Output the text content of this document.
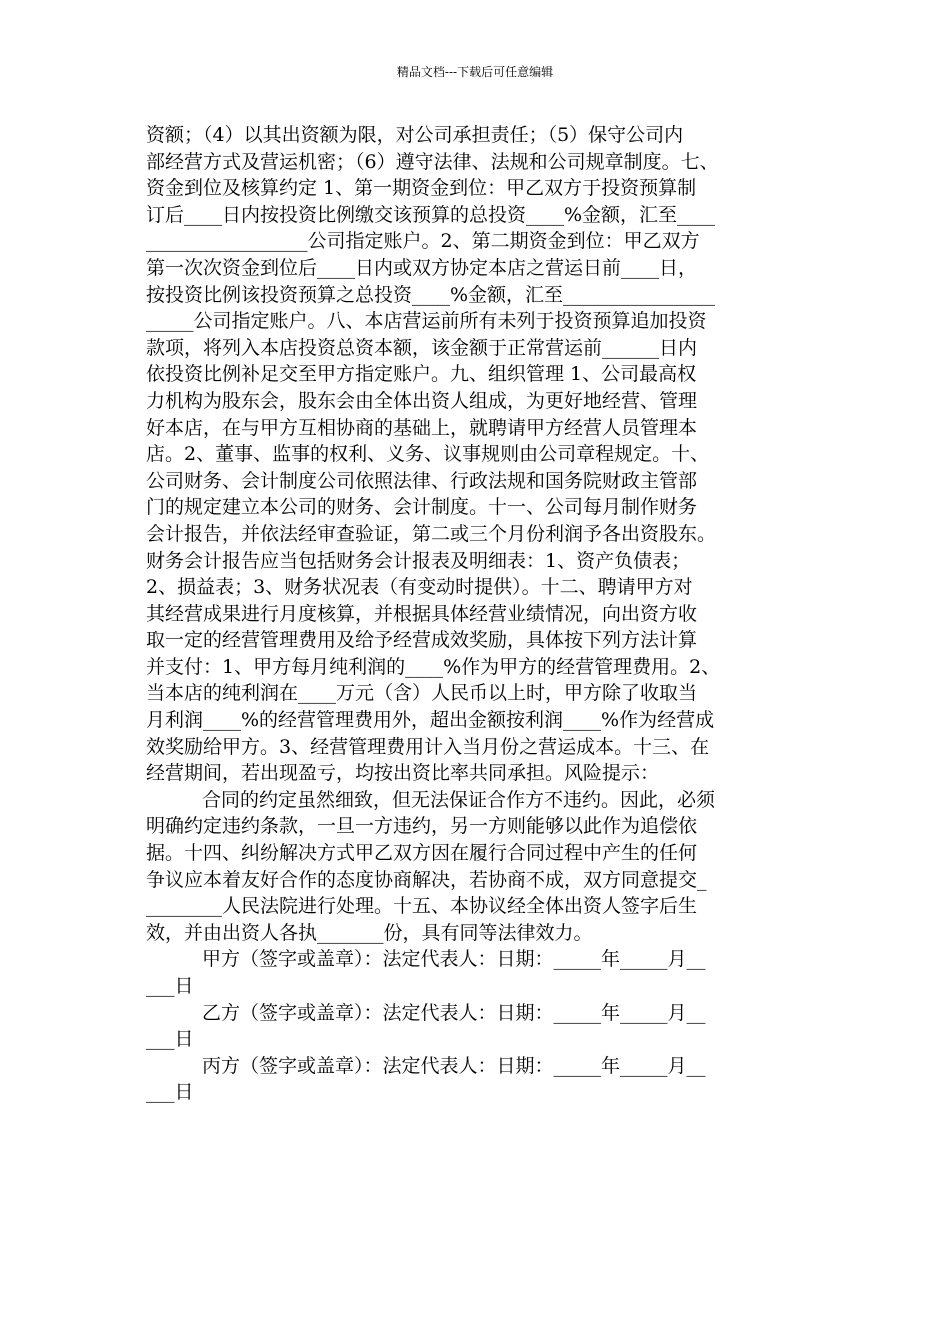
精品文档---下载后可任意编辑
资额；（4）以其出资额为限，对公司承担责任；（5）保守公司内
部经营方式及营运机密；（6）遵守法律、法规和公司规章制度。七、
资金到位及核算约定 1、第一期资金到位：甲乙双方于投资预算制
订后____日内按投资比例缴交该预算的总投资____%金额，汇至____
_________________公司指定账户。2、第二期资金到位：甲乙双方
第一次次资金到位后____日内或双方协定本店之营运日前____日，
按投资比例该投资预算之总投资____%金额，汇至________________
_____公司指定账户。八、本店营运前所有未列于投资预算追加投资
款项，将列入本店投资总资本额，该金额于正常营运前______日内
依投资比例补足交至甲方指定账户。九、组织管理 1、公司最高权
力机构为股东会，股东会由全体出资人组成，为更好地经营、管理
好本店，在与甲方互相协商的基础上，就聘请甲方经营人员管理本
店。2、董事、监事的权利、义务、议事规则由公司章程规定。十、
公司财务、会计制度公司依照法律、行政法规和国务院财政主管部
门的规定建立本公司的财务、会计制度。十一、公司每月制作财务
会计报告，并依法经审查验证，第二或三个月份利润予各出资股东。
财务会计报告应当包括财务会计报表及明细表：1、资产负债表；
2、损益表；3、财务状况表（有变动时提供）。十二、聘请甲方对
其经营成果进行月度核算，并根据具体经营业绩情况，向出资方收
取一定的经营管理费用及给予经营成效奖励，具体按下列方法计算
并支付：1、甲方每月纯利润的____%作为甲方的经营管理费用。2、
当本店的纯利润在____万元（含）人民币以上时，甲方除了收取当
月利润____%的经营管理费用外，超出金额按利润____%作为经营成
效奖励给甲方。3、经营管理费用计入当月份之营运成本。十三、在
经营期间，若出现盈亏，均按出资比率共同承担。风险提示：
合同的约定虽然细致，但无法保证合作方不违约。因此，必须
明确约定违约条款，一旦一方违约，另一方则能够以此作为追偿依
据。十四、纠纷解决方式甲乙双方因在履行合同过程中产生的任何
争议应本着友好合作的态度协商解决，若协商不成，双方同意提交_
________人民法院进行处理。十五、本协议经全体出资人签字后生
效，并由出资人各执_______份，具有同等法律效力。
甲方（签字或盖章）：法定代表人：日期：_____年_____月__
___日
乙方（签字或盖章）：法定代表人：日期：_____年_____月__
___日
丙方（签字或盖章）：法定代表人：日期：_____年_____月__
___日
